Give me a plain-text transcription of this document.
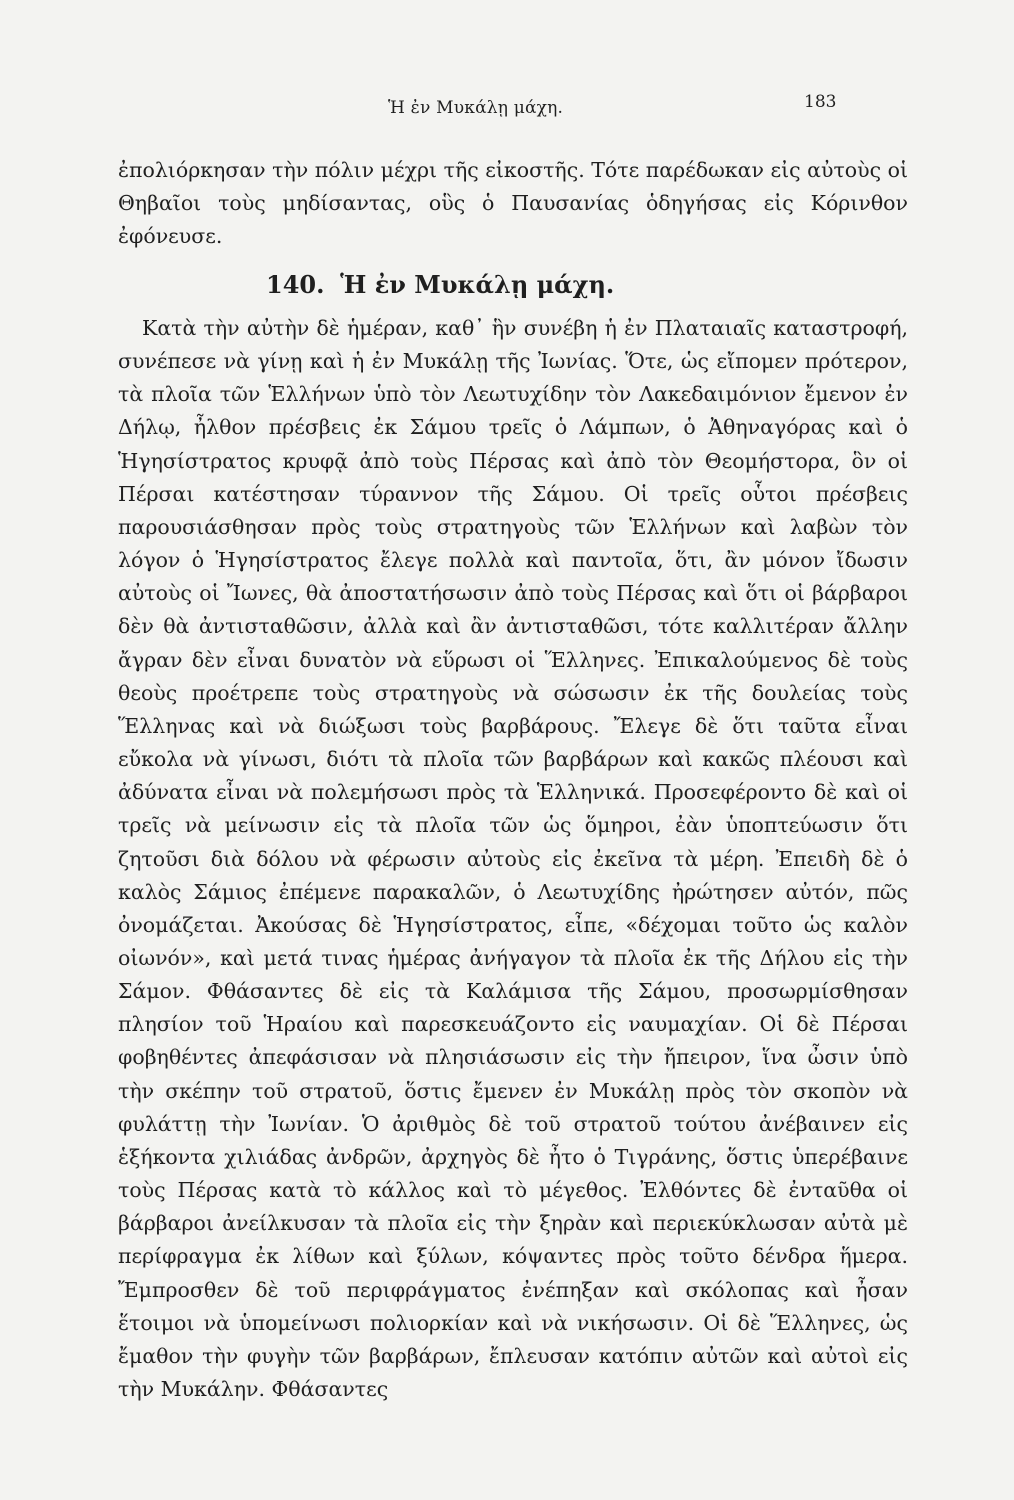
Ἡ ἐν Μυκάλῃ μάχη.	183

ἐπολιόρκησαν τὴν πόλιν μέχρι τῆς εἰκοστῆς. Τότε παρέδωκαν εἰς αὐτοὺς οἱ Θηβαῖοι τοὺς μηδίσαντας, οὓς ὁ Παυσανίας ὁδηγήσας εἰς Κόρινθον ἐφόνευσε.

140. Ἡ ἐν Μυκάλῃ μάχη.

Κατὰ τὴν αὐτὴν δὲ ἡμέραν, καθ᾽ ἣν συνέβη ἡ ἐν Πλαταιαῖς καταστροφή, συνέπεσε νὰ γίνῃ καὶ ἡ ἐν Μυκάλῃ τῆς Ἰωνίας. Ὅτε, ὡς εἴπομεν πρότερον, τὰ πλοῖα τῶν Ἑλλήνων ὑπὸ τὸν Λεωτυχίδην τὸν Λακεδαιμόνιον ἔμενον ἐν Δήλῳ, ἦλθον πρέσβεις ἐκ Σάμου τρεῖς ὁ Λάμπων, ὁ Ἀθηναγόρας καὶ ὁ Ἡγησίστρατος κρυφᾷ ἀπὸ τοὺς Πέρσας καὶ ἀπὸ τὸν Θεομήστορα, ὃν οἱ Πέρσαι κατέστησαν τύραννον τῆς Σάμου. Οἱ τρεῖς οὗτοι πρέσβεις παρουσιάσθησαν πρὸς τοὺς στρατηγοὺς τῶν Ἑλλήνων καὶ λαβὼν τὸν λόγον ὁ Ἡγησίστρατος ἔλεγε πολλὰ καὶ παντοῖα, ὅτι, ἂν μόνον ἴδωσιν αὐτοὺς οἱ Ἴωνες, θὰ ἀποστατήσωσιν ἀπὸ τοὺς Πέρσας καὶ ὅτι οἱ βάρβαροι δὲν θὰ ἀντισταθῶσιν, ἀλλὰ καὶ ἂν ἀντισταθῶσι, τότε καλλιτέραν ἄλλην ἄγραν δὲν εἶναι δυνατὸν νὰ εὕρωσι οἱ Ἕλληνες. Ἐπικαλούμενος δὲ τοὺς θεοὺς προέτρεπε τοὺς στρατηγοὺς νὰ σώσωσιν ἐκ τῆς δουλείας τοὺς Ἕλληνας καὶ νὰ διώξωσι τοὺς βαρβάρους. Ἔλεγε δὲ ὅτι ταῦτα εἶναι εὔκολα νὰ γίνωσι, διότι τὰ πλοῖα τῶν βαρβάρων καὶ κακῶς πλέουσι καὶ ἀδύνατα εἶναι νὰ πολεμήσωσι πρὸς τὰ Ἑλληνικά. Προσεφέροντο δὲ καὶ οἱ τρεῖς νὰ μείνωσιν εἰς τὰ πλοῖα τῶν ὡς ὅμηροι, ἐὰν ὑποπτεύωσιν ὅτι ζητοῦσι διὰ δόλου νὰ φέρωσιν αὐτοὺς εἰς ἐκεῖνα τὰ μέρη. Ἐπειδὴ δὲ ὁ καλὸς Σάμιος ἐπέμενε παρακαλῶν, ὁ Λεωτυχίδης ἠρώτησεν αὐτόν, πῶς ὀνομάζεται. Ἀκούσας δὲ Ἡγησίστρατος, εἶπε, «δέχομαι τοῦτο ὡς καλὸν οἰωνόν», καὶ μετά τινας ἡμέρας ἀνήγαγον τὰ πλοῖα ἐκ τῆς Δήλου εἰς τὴν Σάμον. Φθάσαντες δὲ εἰς τὰ Καλάμισα τῆς Σάμου, προσωρμίσθησαν πλησίον τοῦ Ἡραίου καὶ παρεσκευάζοντο εἰς ναυμαχίαν. Οἱ δὲ Πέρσαι φοβηθέντες ἀπεφάσισαν νὰ πλησιάσωσιν εἰς τὴν ἤπειρον, ἵνα ὦσιν ὑπὸ τὴν σκέπην τοῦ στρατοῦ, ὅστις ἔμενεν ἐν Μυκάλῃ πρὸς τὸν σκοπὸν νὰ φυλάττῃ τὴν Ἰωνίαν. Ὁ ἀριθμὸς δὲ τοῦ στρατοῦ τούτου ἀνέβαινεν εἰς ἑξήκοντα χιλιάδας ἀνδρῶν, ἀρχηγὸς δὲ ἦτο ὁ Τιγράνης, ὅστις ὑπερέβαινε τοὺς Πέρσας κατὰ τὸ κάλλος καὶ τὸ μέγεθος. Ἐλθόντες δὲ ἐνταῦθα οἱ βάρβαροι ἀνείλκυσαν τὰ πλοῖα εἰς τὴν ξηρὰν καὶ περιεκύκλωσαν αὐτὰ μὲ περίφραγμα ἐκ λίθων καὶ ξύλων, κόψαντες πρὸς τοῦτο δένδρα ἥμερα. Ἔμπροσθεν δὲ τοῦ περιφράγματος ἐνέπηξαν καὶ σκόλοπας καὶ ἦσαν ἕτοιμοι νὰ ὑπομείνωσι πολιορκίαν καὶ νὰ νικήσωσιν. Οἱ δὲ Ἕλληνες, ὡς ἔμαθον τὴν φυγὴν τῶν βαρβάρων, ἔπλευσαν κατόπιν αὐτῶν καὶ αὐτοὶ εἰς τὴν Μυκάλην. Φθάσαντες
